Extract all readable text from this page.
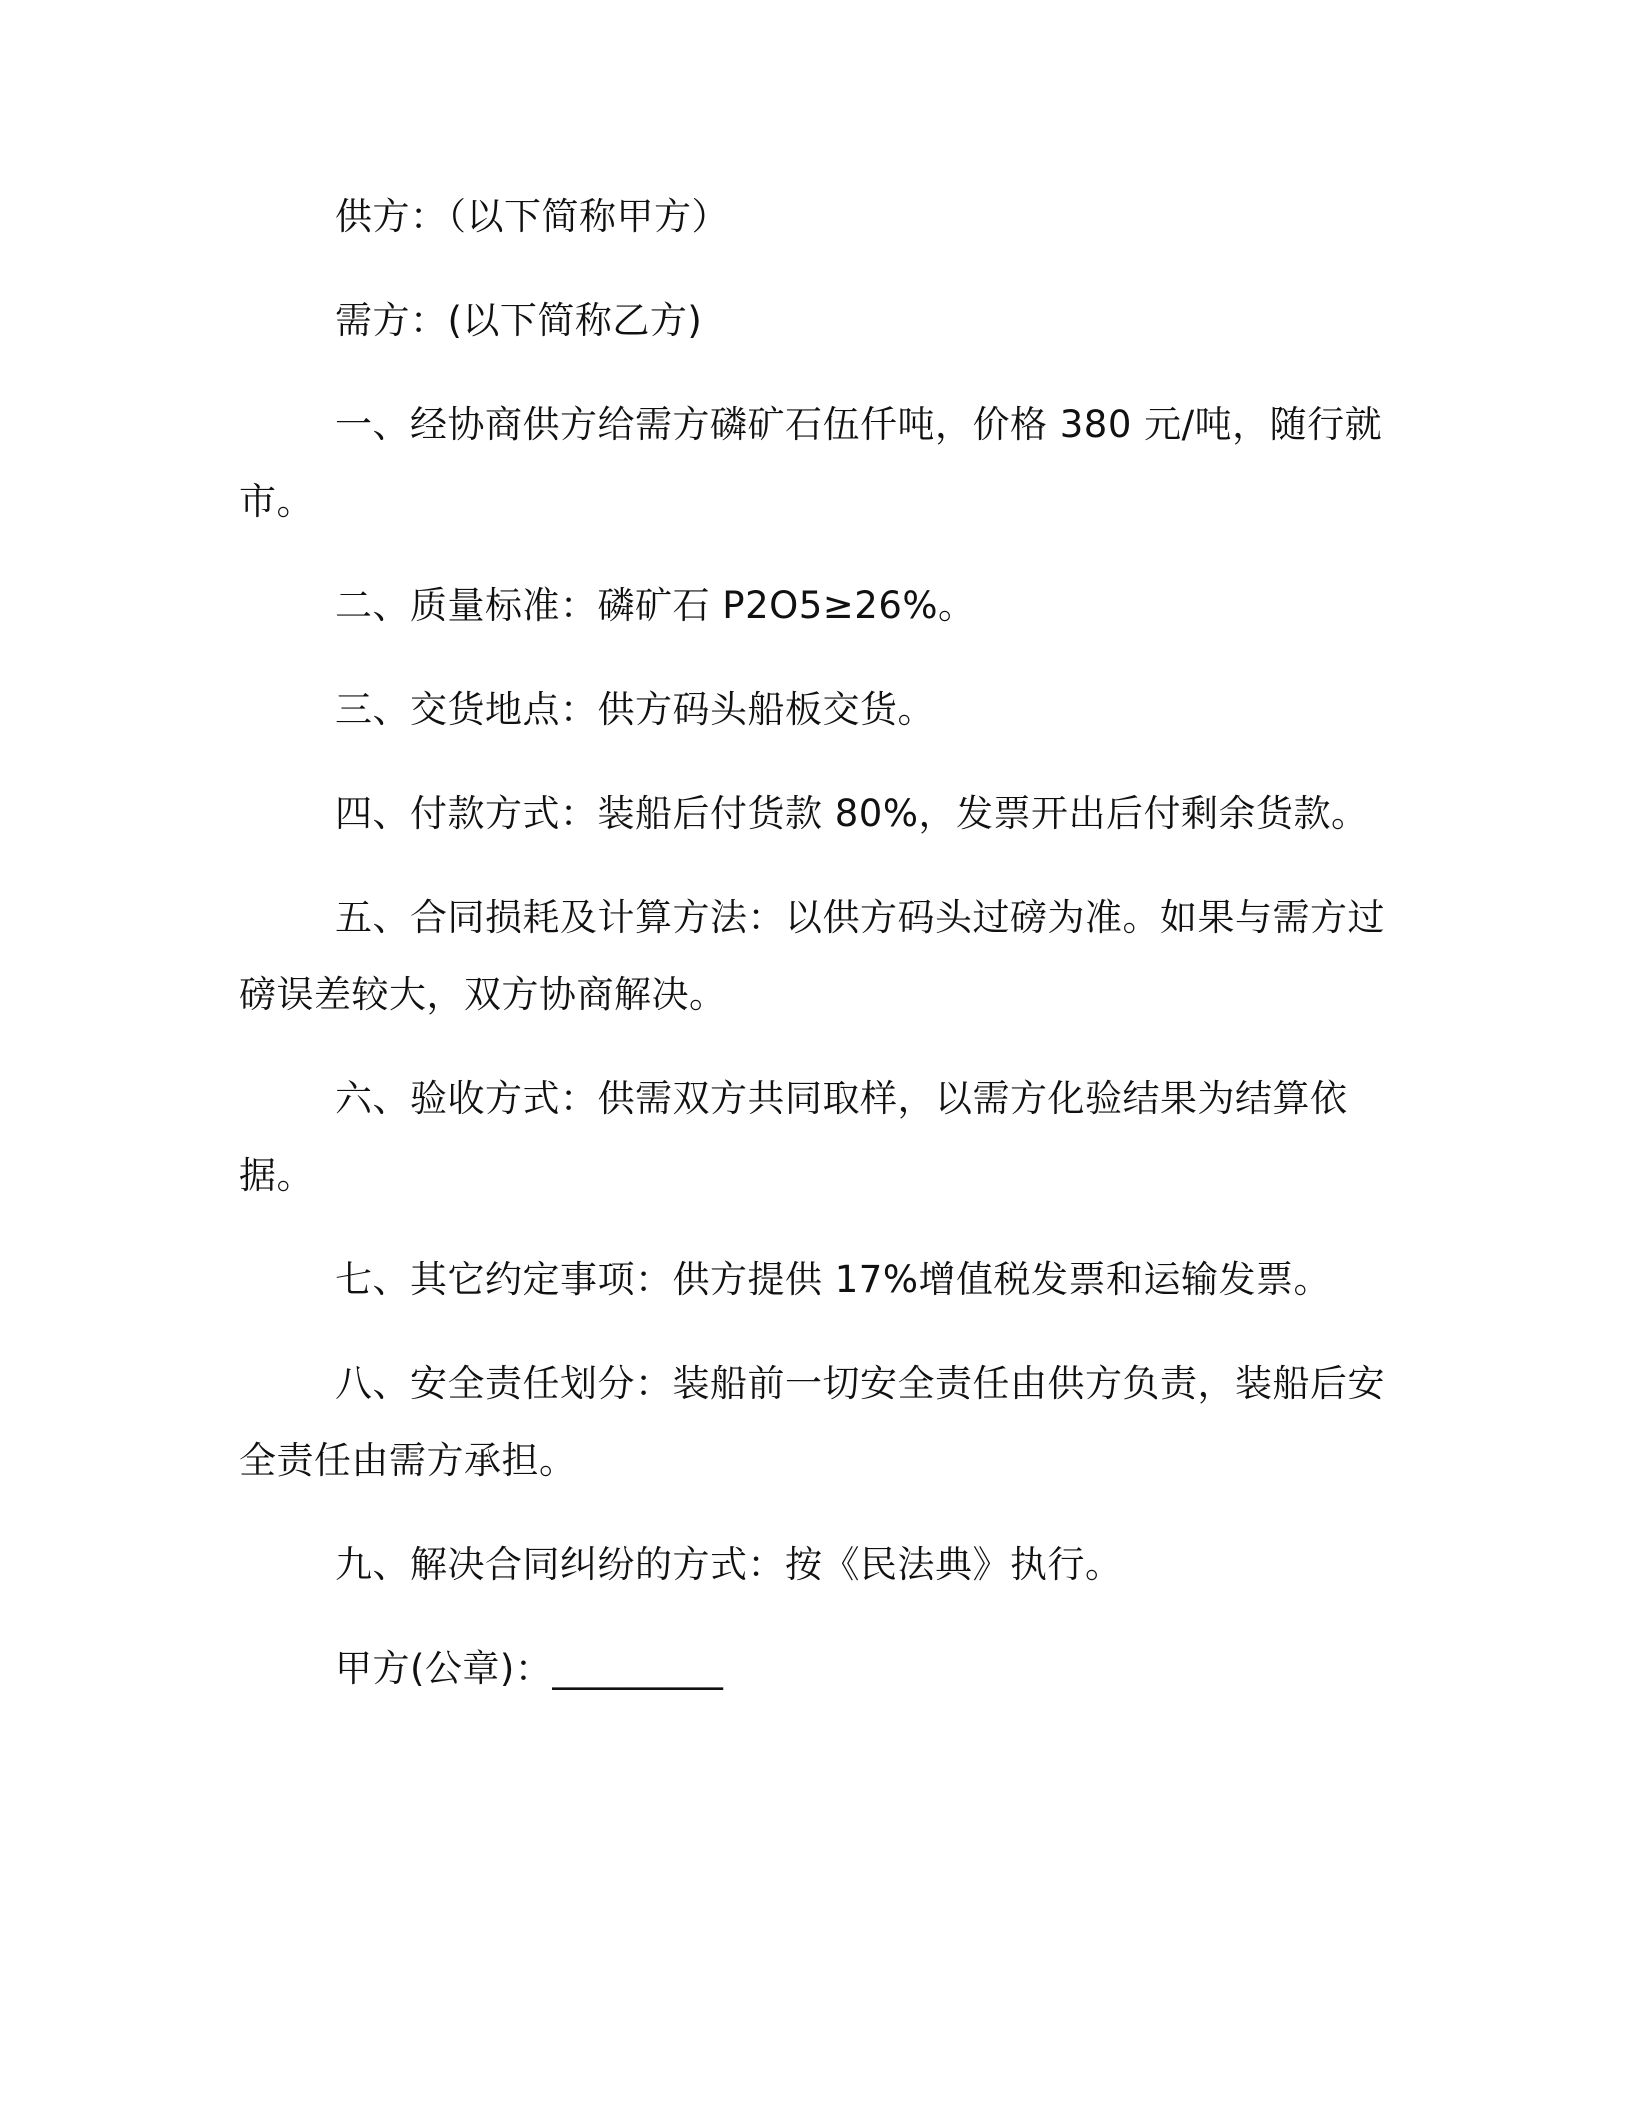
供方：（以下简称甲方）

需方：(以下简称乙方)

一、经协商供方给需方磷矿石伍仟吨，价格 380 元/吨，随行就市。

二、质量标准：磷矿石 P2O5≥26%。

三、交货地点：供方码头船板交货。

四、付款方式：装船后付货款 80%，发票开出后付剩余货款。

五、合同损耗及计算方法：以供方码头过磅为准。如果与需方过磅误差较大，双方协商解决。

六、验收方式：供需双方共同取样，以需方化验结果为结算依据。

七、其它约定事项：供方提供 17%增值税发票和运输发票。

八、安全责任划分：装船前一切安全责任由供方负责，装船后安全责任由需方承担。

九、解决合同纠纷的方式：按《民法典》执行。

甲方(公章)：_________
